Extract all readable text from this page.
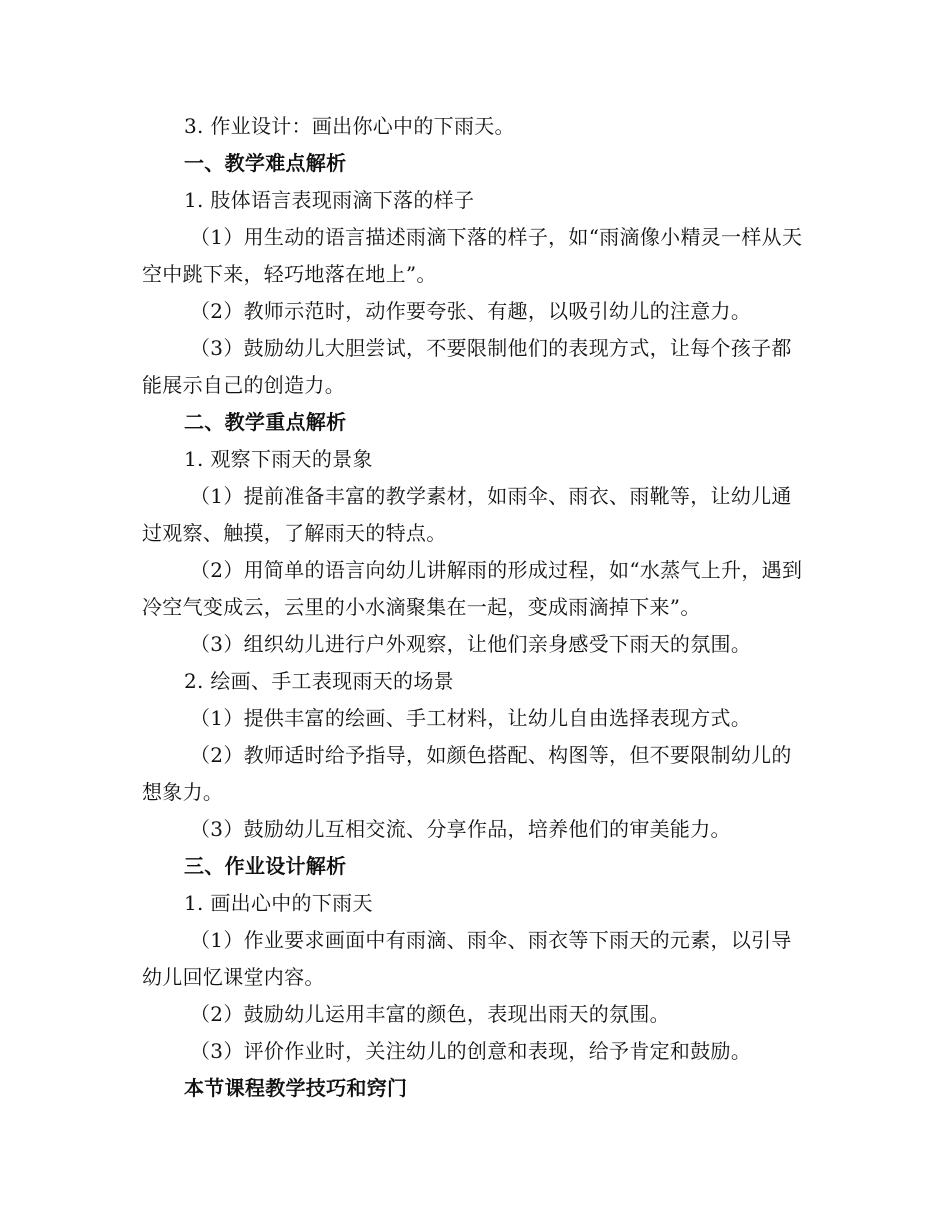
3. 作业设计：画出你心中的下雨天。

一、教学难点解析

1. 肢体语言表现雨滴下落的样子

（1）用生动的语言描述雨滴下落的样子，如“雨滴像小精灵一样从天空中跳下来，轻巧地落在地上”。

（2）教师示范时，动作要夸张、有趣，以吸引幼儿的注意力。

（3）鼓励幼儿大胆尝试，不要限制他们的表现方式，让每个孩子都能展示自己的创造力。

二、教学重点解析

1. 观察下雨天的景象

（1）提前准备丰富的教学素材，如雨伞、雨衣、雨靴等，让幼儿通过观察、触摸，了解雨天的特点。

（2）用简单的语言向幼儿讲解雨的形成过程，如“水蒸气上升，遇到冷空气变成云，云里的小水滴聚集在一起，变成雨滴掉下来”。

（3）组织幼儿进行户外观察，让他们亲身感受下雨天的氛围。

2. 绘画、手工表现雨天的场景

（1）提供丰富的绘画、手工材料，让幼儿自由选择表现方式。

（2）教师适时给予指导，如颜色搭配、构图等，但不要限制幼儿的想象力。

（3）鼓励幼儿互相交流、分享作品，培养他们的审美能力。

三、作业设计解析

1. 画出心中的下雨天

（1）作业要求画面中有雨滴、雨伞、雨衣等下雨天的元素，以引导幼儿回忆课堂内容。

（2）鼓励幼儿运用丰富的颜色，表现出雨天的氛围。

（3）评价作业时，关注幼儿的创意和表现，给予肯定和鼓励。

本节课程教学技巧和窍门
